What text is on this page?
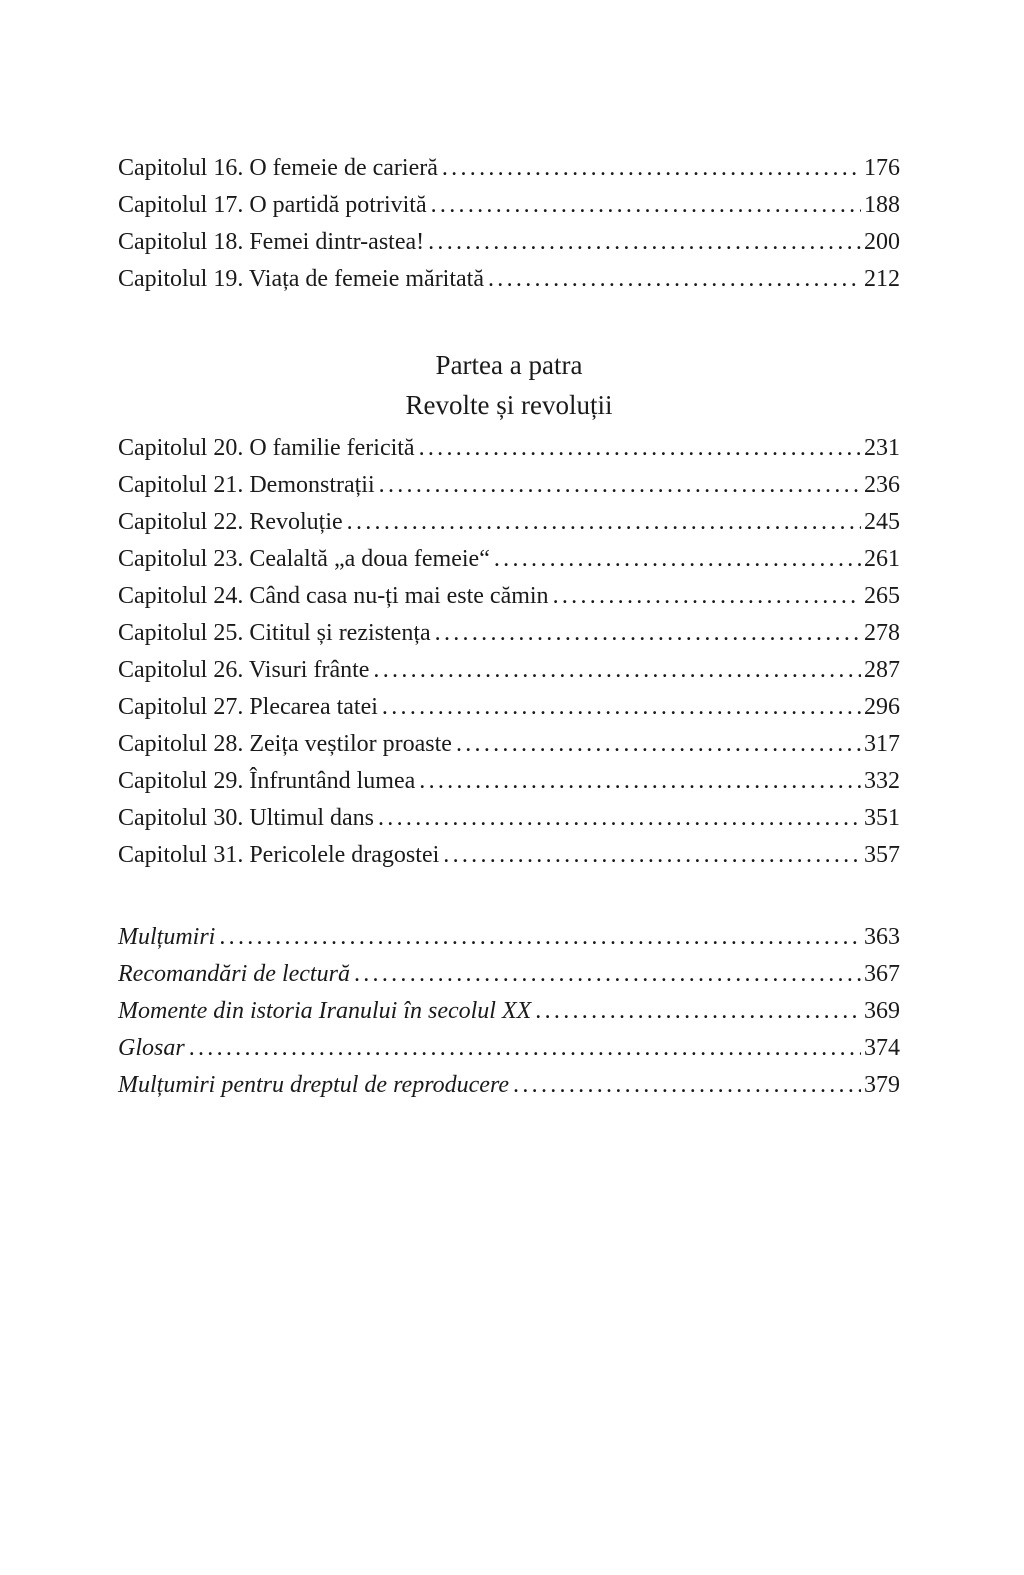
Capitolul 16. O femeie de carieră .....	176
Capitolul 17. O partidă potrivită .....	188
Capitolul 18. Femei dintr-astea! .....	200
Capitolul 19. Viața de femeie măritată .....	212
Partea a patra
Revolte și revoluții
Capitolul 20. O familie fericită .....	231
Capitolul 21. Demonstrații .....	236
Capitolul 22. Revoluție .....	245
Capitolul 23. Cealaltă „a doua femeie“ .....	261
Capitolul 24. Când casa nu-ți mai este cămin .....	265
Capitolul 25. Cititul și rezistența .....	278
Capitolul 26. Visuri frânte .....	287
Capitolul 27. Plecarea tatei .....	296
Capitolul 28. Zeița veștilor proaste .....	317
Capitolul 29. Înfruntând lumea .....	332
Capitolul 30. Ultimul dans .....	351
Capitolul 31. Pericolele dragostei .....	357
Mulțumiri .....	363
Recomandări de lectură .....	367
Momente din istoria Iranului în secolul XX .....	369
Glosar .....	374
Mulțumiri pentru dreptul de reproducere .....	379
